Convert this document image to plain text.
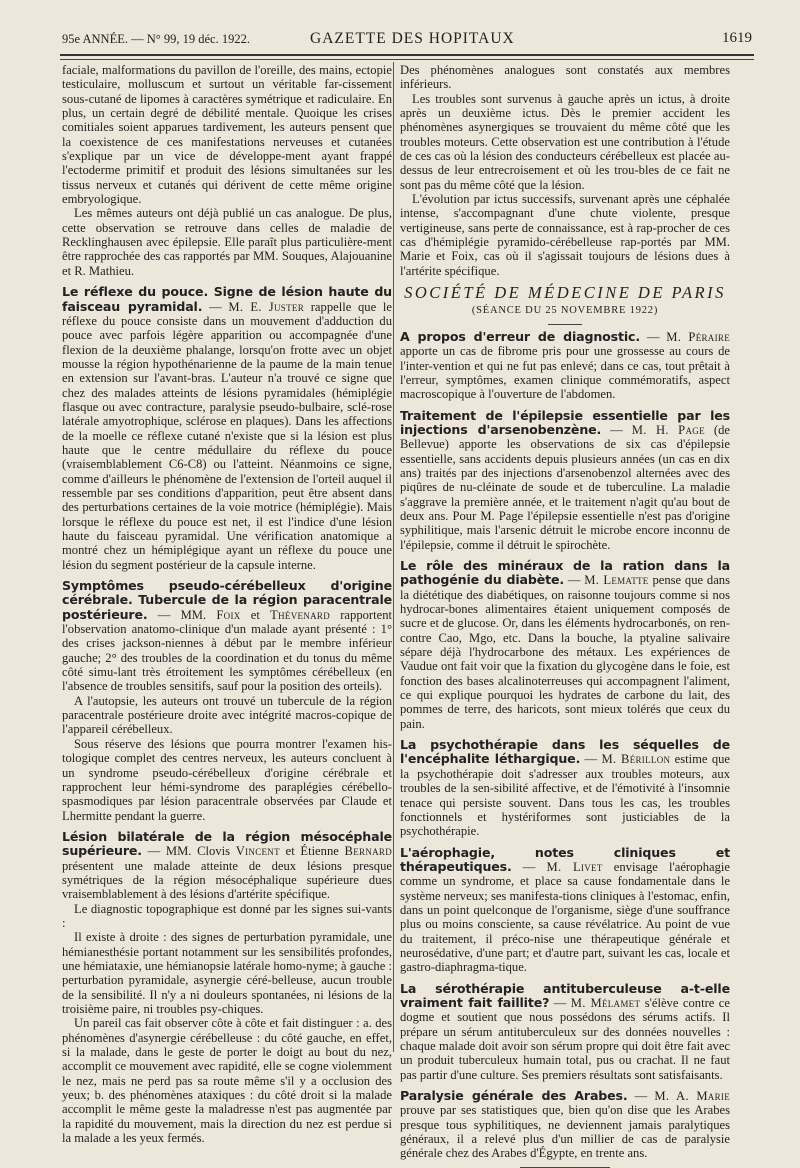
95e ANNÉE. — N° 99, 19 déc. 1922.	GAZETTE DES HOPITAUX	1619

faciale, malformations du pavillon de l'oreille, des mains, ectopie testiculaire, molluscum et surtout un véritable far-cissement sous-cutané de lipomes à caractères symétrique et radiculaire. En plus, un certain degré de débilité mentale. Quoique les crises comitiales soient apparues tardivement, les auteurs pensent que la coexistence de ces manifestations nerveuses et cutanées s'explique par un vice de développe-ment ayant frappé l'ectoderme primitif et produit des lésions simultanées sur les tissus nerveux et cutanés qui dérivent de cette même origine embryologique.

Les mêmes auteurs ont déjà publié un cas analogue. De plus, cette observation se retrouve dans celles de maladie de Recklinghausen avec épilepsie. Elle paraît plus particulière-ment être rapprochée des cas rapportés par MM. Souques, Alajouanine et R. Mathieu.

Le réflexe du pouce. Signe de lésion haute du faisceau pyramidal. — M. E. Juster rappelle que le réflexe du pouce consiste dans un mouvement d'adduction du pouce avec parfois légère apparition ou accompagnée d'une flexion de la deuxième phalange, lorsqu'on frotte avec un objet mousse la région hypothénarienne de la paume de la main tenue en extension sur l'avant-bras. L'auteur n'a trouvé ce signe que chez des malades atteints de lésions pyramidales (hémiplégie flasque ou avec contracture, paralysie pseudo-bulbaire, sclé-rose latérale amyotrophique, sclérose en plaques). Dans les affections de la moelle ce réflexe cutané n'existe que si la lésion est plus haute que le centre médullaire du réflexe du pouce (vraisemblablement C6-C8) ou l'atteint. Néanmoins ce signe, comme d'ailleurs le phénomène de l'extension de l'orteil auquel il ressemble par ses conditions d'apparition, peut être absent dans des perturbations certaines de la voie motrice (hémiplégie). Mais lorsque le réflexe du pouce est net, il est l'indice d'une lésion haute du faisceau pyramidal. Une vérification anatomique a montré chez un hémiplégique ayant un réflexe du pouce une lésion du segment postérieur de la capsule interne.

Symptômes pseudo-cérébelleux d'origine cérébrale. Tubercule de la région paracentrale postérieure. — MM. Foix et Thévenard rapportent l'observation anatomo-clinique d'un malade ayant présenté : 1° des crises jackson-niennes à début par le membre inférieur gauche; 2° des troubles de la coordination et du tonus du même côté simu-lant très étroitement les symptômes cérébelleux (en l'absence de troubles sensitifs, sauf pour la position des orteils).

A l'autopsie, les auteurs ont trouvé un tubercule de la région paracentrale postérieure droite avec intégrité macros-copique de l'appareil cérébelleux.

Sous réserve des lésions que pourra montrer l'examen his-tologique complet des centres nerveux, les auteurs concluent à un syndrome pseudo-cérébelleux d'origine cérébrale et rapprochent leur hémi-syndrome des paraplégies cérébello-spasmodiques par lésion paracentrale observées par Claude et Lhermitte pendant la guerre.

Lésion bilatérale de la région mésocéphale supérieure. — MM. Clovis Vincent et Étienne Bernard présentent une malade atteinte de deux lésions presque symétriques de la région mésocéphalique supérieure dues vraisemblablement à des lésions d'artérite spécifique.

Le diagnostic topographique est donné par les signes sui-vants :

Il existe à droite : des signes de perturbation pyramidale, une hémianesthésie portant notamment sur les sensibilités profondes, une hémiataxie, une hémianopsie latérale homo-nyme; à gauche : perturbation pyramidale, asynergie céré-belleuse, aucun trouble de la sensibilité. Il n'y a ni douleurs spontanées, ni lésions de la troisième paire, ni troubles psy-chiques.

Un pareil cas fait observer côte à côte et fait distinguer : a. des phénomènes d'asynergie cérébelleuse : du côté gauche, en effet, si la malade, dans le geste de porter le doigt au bout du nez, accomplit ce mouvement avec rapidité, elle se cogne violemment le nez, mais ne perd pas sa route même s'il y a occlusion des yeux; b. des phénomènes ataxiques : du côté droit si la malade accomplit le même geste la maladresse n'est pas augmentée par la rapidité du mouvement, mais la direction du nez est perdue si la malade a les yeux fermés.

Des phénomènes analogues sont constatés aux membres inférieurs.

Les troubles sont survenus à gauche après un ictus, à droite après un deuxième ictus. Dès le premier accident les phénomènes asynergiques se trouvaient du même côté que les troubles moteurs. Cette observation est une contribution à l'étude de ces cas où la lésion des conducteurs cérébelleux est placée au-dessus de leur entrecroisement et où les trou-bles de ce fait ne sont pas du même côté que la lésion.

L'évolution par ictus successifs, survenant après une céphalée intense, s'accompagnant d'une chute violente, presque vertigineuse, sans perte de connaissance, est à rap-procher de ces cas d'hémiplégie pyramido-cérébelleuse rap-portés par MM. Marie et Foix, cas où il s'agissait toujours de lésions dues à l'artérite spécifique.

SOCIÉTÉ DE MÉDECINE DE PARIS
(SÉANCE DU 25 NOVEMBRE 1922)

A propos d'erreur de diagnostic. — M. Péraire apporte un cas de fibrome pris pour une grossesse au cours de l'inter-vention et qui ne fut pas enlevé; dans ce cas, tout prêtait à l'erreur, symptômes, examen clinique commémoratifs, aspect macroscopique à l'ouverture de l'abdomen.

Traitement de l'épilepsie essentielle par les injections d'arsenobenzène. — M. H. Page (de Bellevue) apporte les observations de six cas d'épilepsie essentielle, sans accidents depuis plusieurs années (un cas en dix ans) traités par des injections d'arsenobenzol alternées avec des piqûres de nu-cléinate de soude et de tuberculine. La maladie s'aggrave la première année, et le traitement n'agit qu'au bout de deux ans. Pour M. Page l'épilepsie essentielle n'est pas d'origine syphilitique, mais l'arsenic détruit le microbe encore inconnu de l'épilepsie, comme il détruit le spirochète.

Le rôle des minéraux de la ration dans la pathogénie du diabète. — M. Lematte pense que dans la diététique des diabétiques, on raisonne toujours comme si nos hydrocar-bones alimentaires étaient uniquement composés de sucre et de glucose. Or, dans les éléments hydrocarbonés, on ren-contre Cao, Mgo, etc. Dans la bouche, la ptyaline salivaire sépare déjà l'hydrocarbone des métaux. Les expériences de Vaudue ont fait voir que la fixation du glycogène dans le foie, est fonction des bases alcalinoterreuses qui accompagnent l'aliment, ce qui explique pourquoi les hydrates de carbone du lait, des pommes de terre, des haricots, sont mieux tolérés que ceux du pain.

La psychothérapie dans les séquelles de l'encéphalite léthargique. — M. Bérillon estime que la psychothérapie doit s'adresser aux troubles moteurs, aux troubles de la sen-sibilité affective, et de l'émotivité à l'insomnie tenace qui persiste souvent. Dans tous les cas, les troubles fonctionnels et hystériformes sont justiciables de la psychothérapie.

L'aérophagie, notes cliniques et thérapeutiques. — M. Livet envisage l'aérophagie comme un syndrome, et place sa cause fondamentale dans le système nerveux; ses manifesta-tions cliniques à l'estomac, enfin, dans un point quelconque de l'organisme, siège d'une souffrance plus ou moins consciente, sa cause révélatrice. Au point de vue du traitement, il préco-nise une thérapeutique générale et neurosédative, d'une part; et d'autre part, suivant les cas, locale et gastro-diaphragma-tique.

La sérothérapie antituberculeuse a-t-elle vraiment fait faillite? — M. Mélamet s'élève contre ce dogme et soutient que nous possédons des sérums actifs. Il prépare un sérum antituberculeux sur des données nouvelles : chaque malade doit avoir son sérum propre qui doit être fait avec un produit tuberculeux humain total, pus ou crachat. Il ne faut pas partir d'une culture. Ses premiers résultats sont satisfaisants.

Paralysie générale des Arabes. — M. A. Marie prouve par ses statistiques que, bien qu'on dise que les Arabes presque tous syphilitiques, ne deviennent jamais paralytiques généraux, il a relevé plus d'un millier de cas de paralysie générale chez des Arabes d'Égypte, en trente ans.
